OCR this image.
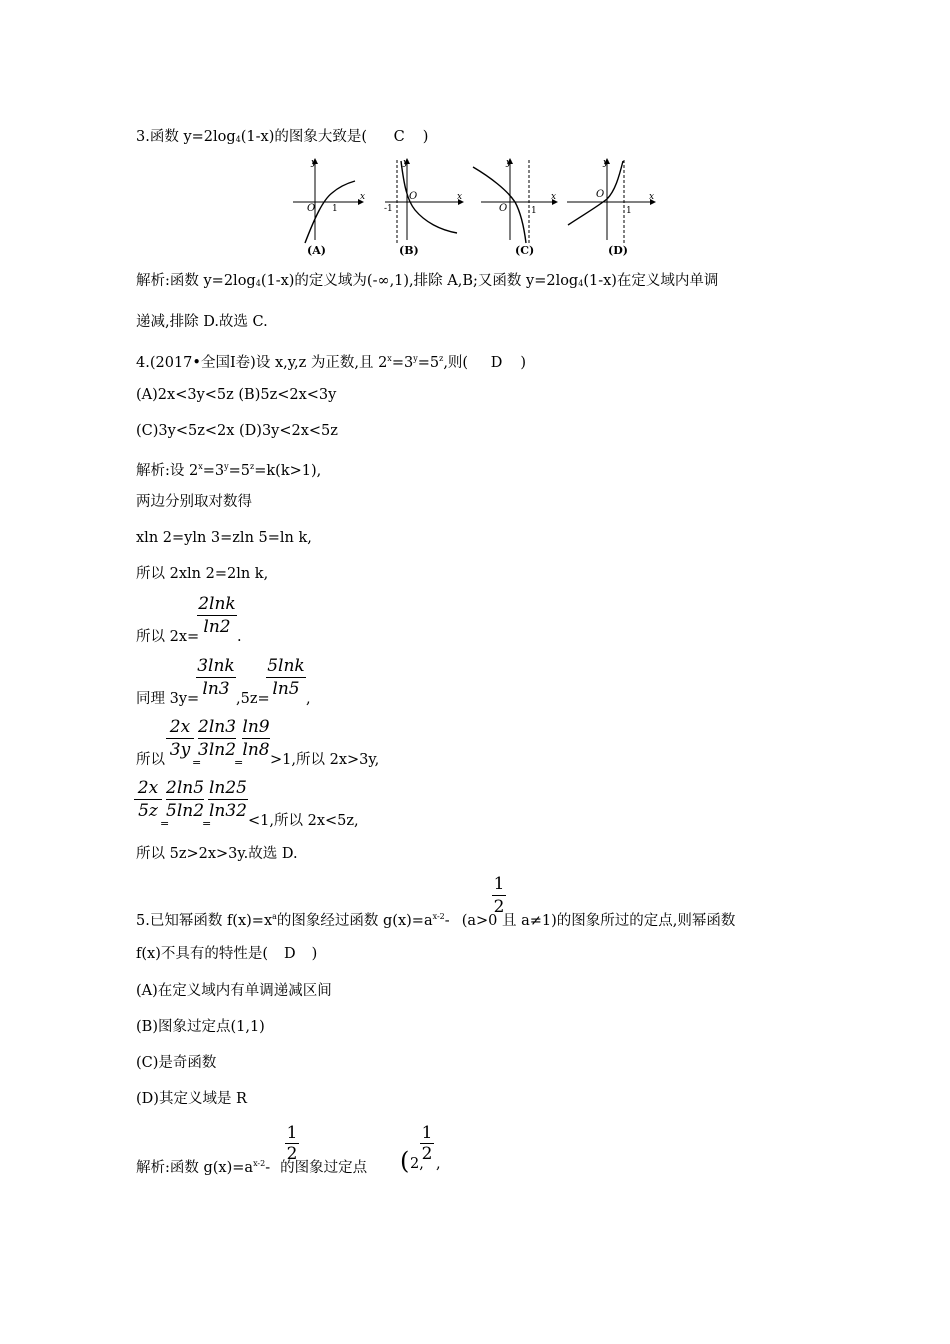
3.函数 $y=2\log_4(1-x)$的图象大致是( C )
y
x
O 1
(A)
y
x
-1
O
(B)
y
x
O	1
(C)
y
x
O
1
(D)
解析:函数 $y=2\log_4(1-x)$的定义域为(-∞,1),排除 A,B;又函数 $y=2\log_4(1-x)$在定义域内单调
递减,排除 D.故选 C.
4.(2017•全国Ⅰ卷)设 x,y,z 为正数,且 $2^x=3^y=5^z$,则( D )
(A)2x<3y<5z (B)5z<2x<3y
(C)3y<5z<2x (D)3y<2x<5z
解析:设 $2^x=3^y=5^z=k(k>1)$,
两边分别取对数得
xln 2=yln 3=zln 5=ln k,
所以 2xln 2=2ln k,
所以 2x=
2lnk
ln2 .
同理 3y=
3lnk
ln3 ,5z=
5lnk
ln5 ,
所以
2x
3y
=
2ln3
3ln2
=
ln9
ln8 >1,所以 2x>3y,
2x
5z
=
2ln5
5ln2
=
ln25
ln32 <1,所以 2x<5z,
所以 5z>2x>3y.故选 D.
1
2
5.已知幂函数 $f(x)=x^a$的图象经过函数 $g(x)=a^{x-2}-$ (a>0 且 a≠1)的图象所过的定点,则幂函数
f(x)不具有的特性是( D )
(A)在定义域内有单调递减区间
(B)图象过定点(1,1)
(C)是奇函数
(D)其定义域是 R
1
2
解析:函数 $g(x)=a^{x-2}-$ 的图象过定点 ( 2,
1
2 ,
